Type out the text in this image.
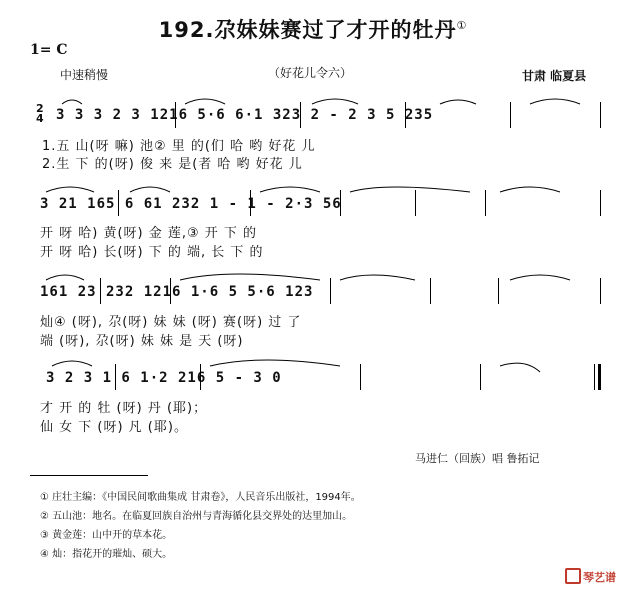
192.尕妹妹赛过了才开的牡丹①
1= C
中速稍慢	（好花儿令六）	甘肃 临夏县
2
4 3 3 3 2 3 1216 5·6 6·1 323 2 - 2 3 5 235
1.五 山(呀 嘛) 池② 里 的(们 哈 哟 好花 儿
2.生 下 的(呀) 俊 来 是(者 哈 哟 好花 儿
3 21 165 6 61 232 1 - 1 - 2·3 56
开 呀 哈) 黄(呀) 金 莲,③ 开 下 的
开 呀 哈) 长(呀) 下 的 端, 长 下 的
161 23 232 1216 1·6 5 5·6 123
灿④ (呀), 尕(呀) 妹 妹 (呀) 赛(呀) 过 了
端 (呀), 尕(呀) 妹 妹 是 天 (呀)
3 2 3 1 6 1·2 216 5 - 3 0
才 开 的 牡 (呀) 丹 (耶)；
仙 女 下 (呀) 凡 (耶)。
马进仁（回族）唱 鲁拓记
① 庄壮主编：《中国民间歌曲集成 甘肃卷》，人民音乐出版社，1994年。
② 五山池：地名。在临夏回族自治州与青海循化县交界处的达里加山。
③ 黄金莲：山中开的草本花。
④ 灿：指花开的璀灿、硕大。
琴艺谱
